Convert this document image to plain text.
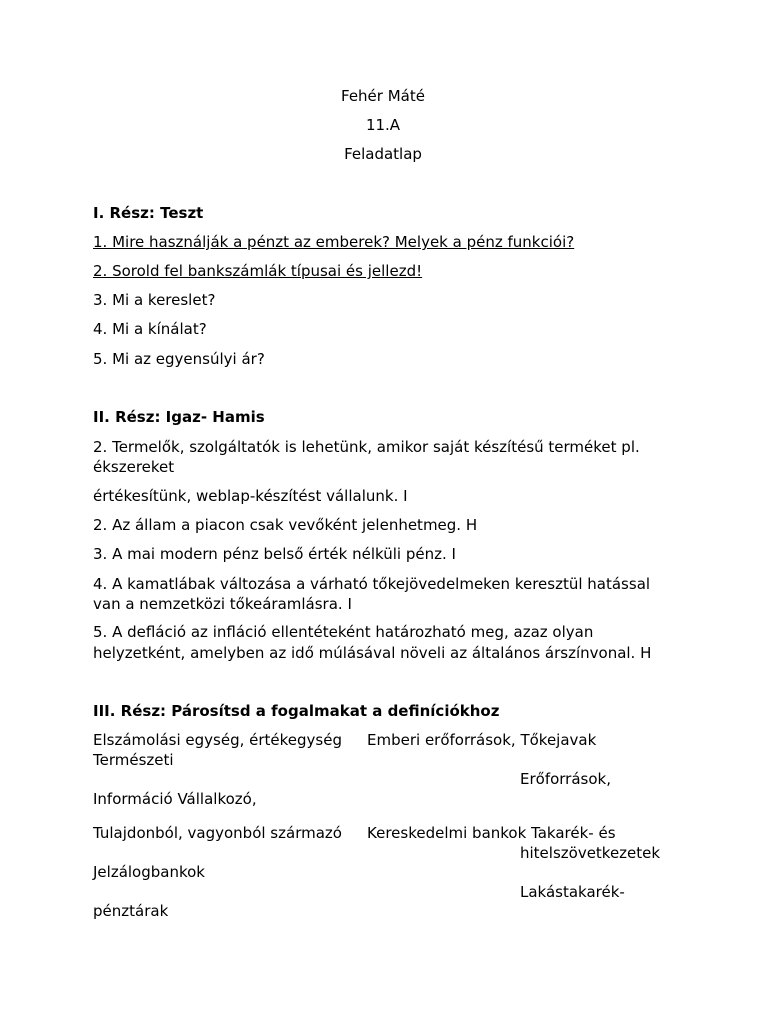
Fehér Máté
11.A
Feladatlap
I. Rész: Teszt
1. Mire használják a pénzt az emberek? Melyek a pénz funkciói?
2. Sorold fel bankszámlák típusai és jellezd!
3. Mi a kereslet?
4. Mi a kínálat?
5. Mi az egyensúlyi ár?
II. Rész: Igaz- Hamis
2. Termelők, szolgáltatók is lehetünk, amikor saját készítésű terméket pl.
ékszereket
értékesítünk, weblap-készítést vállalunk. I
2. Az állam a piacon csak vevőként jelenhetmeg. H
3. A mai modern pénz belső érték nélküli pénz. I
4. A kamatlábak változása a várható tőkejövedelmeken keresztül hatással
van a nemzetközi tőkeáramlásra. I
5. A defláció az infláció ellentéteként határozható meg, azaz olyan
helyzetként, amelyben az idő múlásával növeli az általános árszínvonal. H
III. Rész: Párosítsd a fogalmakat a definíciókhoz
Elszámolási egység, értékegység Emberi erőforrások, Tőkejavak
Természeti
Erőforrások,
Információ Vállalkozó,
Tulajdonból, vagyonból származó Kereskedelmi bankok Takarék- és
hitelszövetkezetek
Jelzálogbankok
Lakástakarék-
pénztárak
